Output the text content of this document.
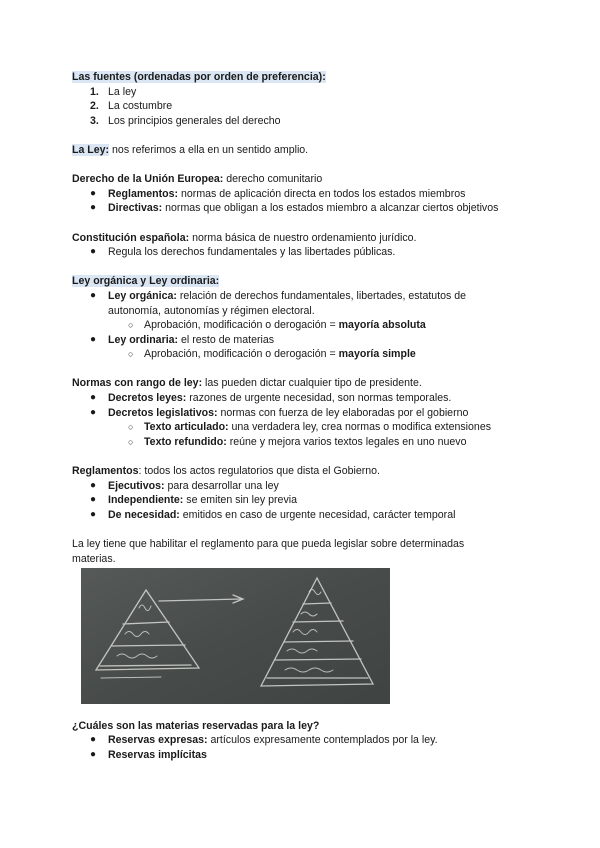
Las fuentes (ordenadas por orden de preferencia):
1. La ley
2. La costumbre
3. Los principios generales del derecho
La Ley: nos referimos a ella en un sentido amplio.
Derecho de la Unión Europea: derecho comunitario
● Reglamentos: normas de aplicación directa en todos los estados miembros
● Directivas: normas que obligan a los estados miembro a alcanzar ciertos objetivos
Constitución española: norma básica de nuestro ordenamiento jurídico.
● Regula los derechos fundamentales y las libertades públicas.
Ley orgánica y Ley ordinaria:
● Ley orgánica: relación de derechos fundamentales, libertades, estatutos de
autonomía, autonomías y régimen electoral.
○ Aprobación, modificación o derogación = mayoría absoluta
● Ley ordinaria: el resto de materias
○ Aprobación, modificación o derogación = mayoría simple
Normas con rango de ley: las pueden dictar cualquier tipo de presidente.
● Decretos leyes: razones de urgente necesidad, son normas temporales.
● Decretos legislativos: normas con fuerza de ley elaboradas por el gobierno
○ Texto articulado: una verdadera ley, crea normas o modifica extensiones
○ Texto refundido: reúne y mejora varios textos legales en uno nuevo
Reglamentos: todos los actos regulatorios que dista el Gobierno.
● Ejecutivos: para desarrollar una ley
● Independiente: se emiten sin ley previa
● De necesidad: emitidos en caso de urgente necesidad, carácter temporal
La ley tiene que habilitar el reglamento para que pueda legislar sobre determinadas
materias.
¿Cuáles son las materias reservadas para la ley?
● Reservas expresas: artículos expresamente contemplados por la ley.
● Reservas implícitas
